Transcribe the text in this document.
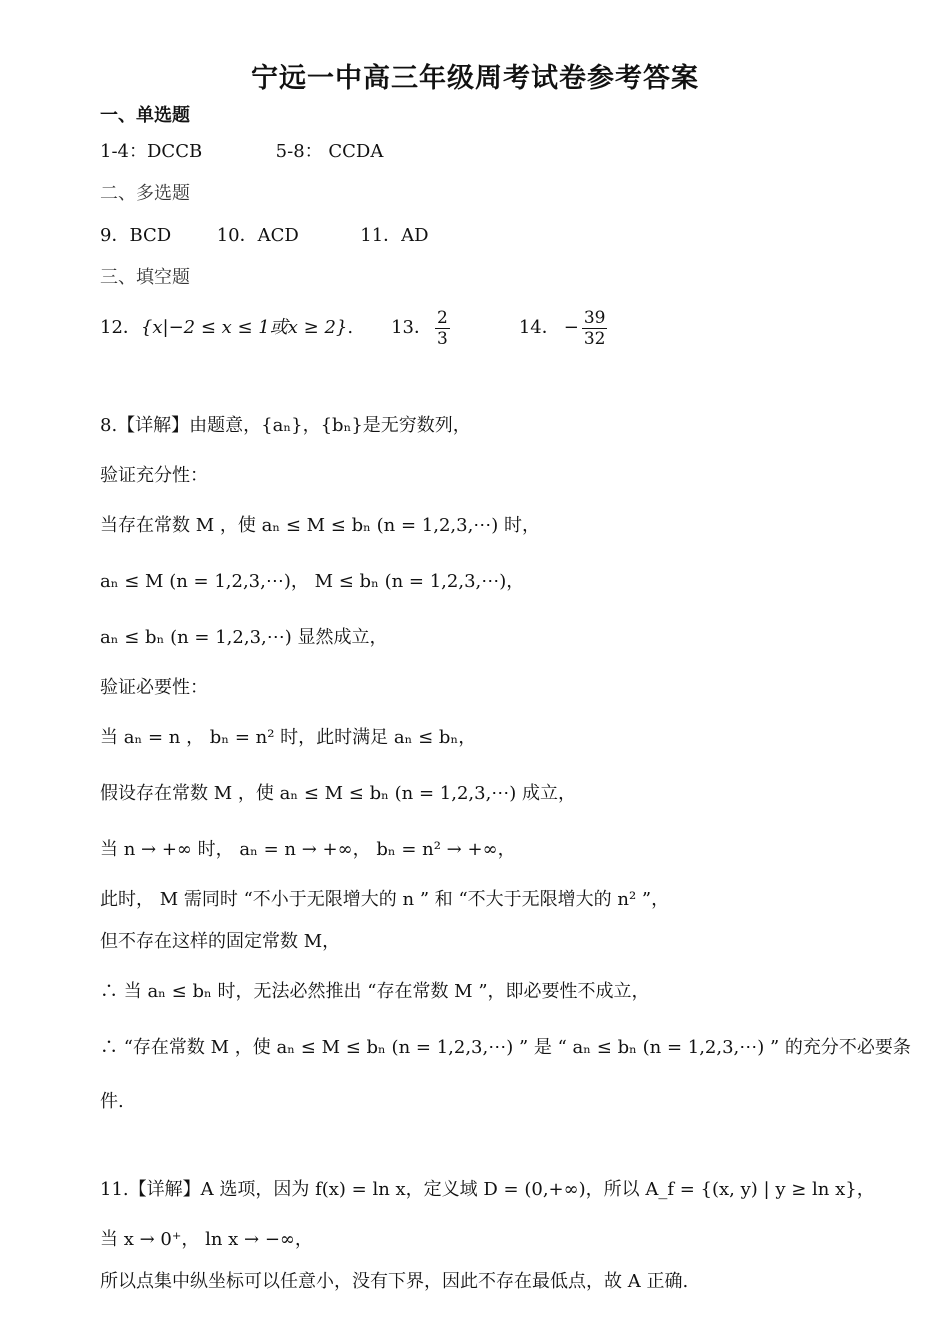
宁远一中高三年级周考试卷参考答案
一、单选题
1-4：DCCB	5-8： CCDA
二、多选题
9．BCD	10．ACD	11．AD
三、填空题
12． {x|−2 ≤ x ≤ 1或x ≥ 2} . 13． $\frac{2}{3}$	14． − $\frac{39}{32}$
8.【详解】由题意，{aₙ}，{bₙ}是无穷数列，
验证充分性：
当存在常数 M ，使 aₙ ≤ M ≤ bₙ (n = 1,2,3,⋯) 时，
aₙ ≤ M (n = 1,2,3,⋯)， M ≤ bₙ (n = 1,2,3,⋯)，
aₙ ≤ bₙ (n = 1,2,3,⋯) 显然成立，
验证必要性：
当 aₙ = n ， bₙ = n² 时，此时满足 aₙ ≤ bₙ，
假设存在常数 M ，使 aₙ ≤ M ≤ bₙ (n = 1,2,3,⋯) 成立，
当 n → +∞ 时， aₙ = n → +∞， bₙ = n² → +∞，
此时， M 需同时 “不小于无限增大的 n ” 和 “不大于无限增大的 n² ”，
但不存在这样的固定常数 M，
∴ 当 aₙ ≤ bₙ 时，无法必然推出 “存在常数 M ”，即必要性不成立，
∴ “存在常数 M ，使 aₙ ≤ M ≤ bₙ (n = 1,2,3,⋯) ” 是 “ aₙ ≤ bₙ (n = 1,2,3,⋯) ” 的充分不必要条
件.
11.【详解】A 选项，因为 f(x) = ln x，定义域 D = (0,+∞)，所以 A_f = {(x, y) | y ≥ ln x}，
当 x → 0⁺， ln x → −∞，
所以点集中纵坐标可以任意小，没有下界，因此不存在最低点，故 A 正确.
